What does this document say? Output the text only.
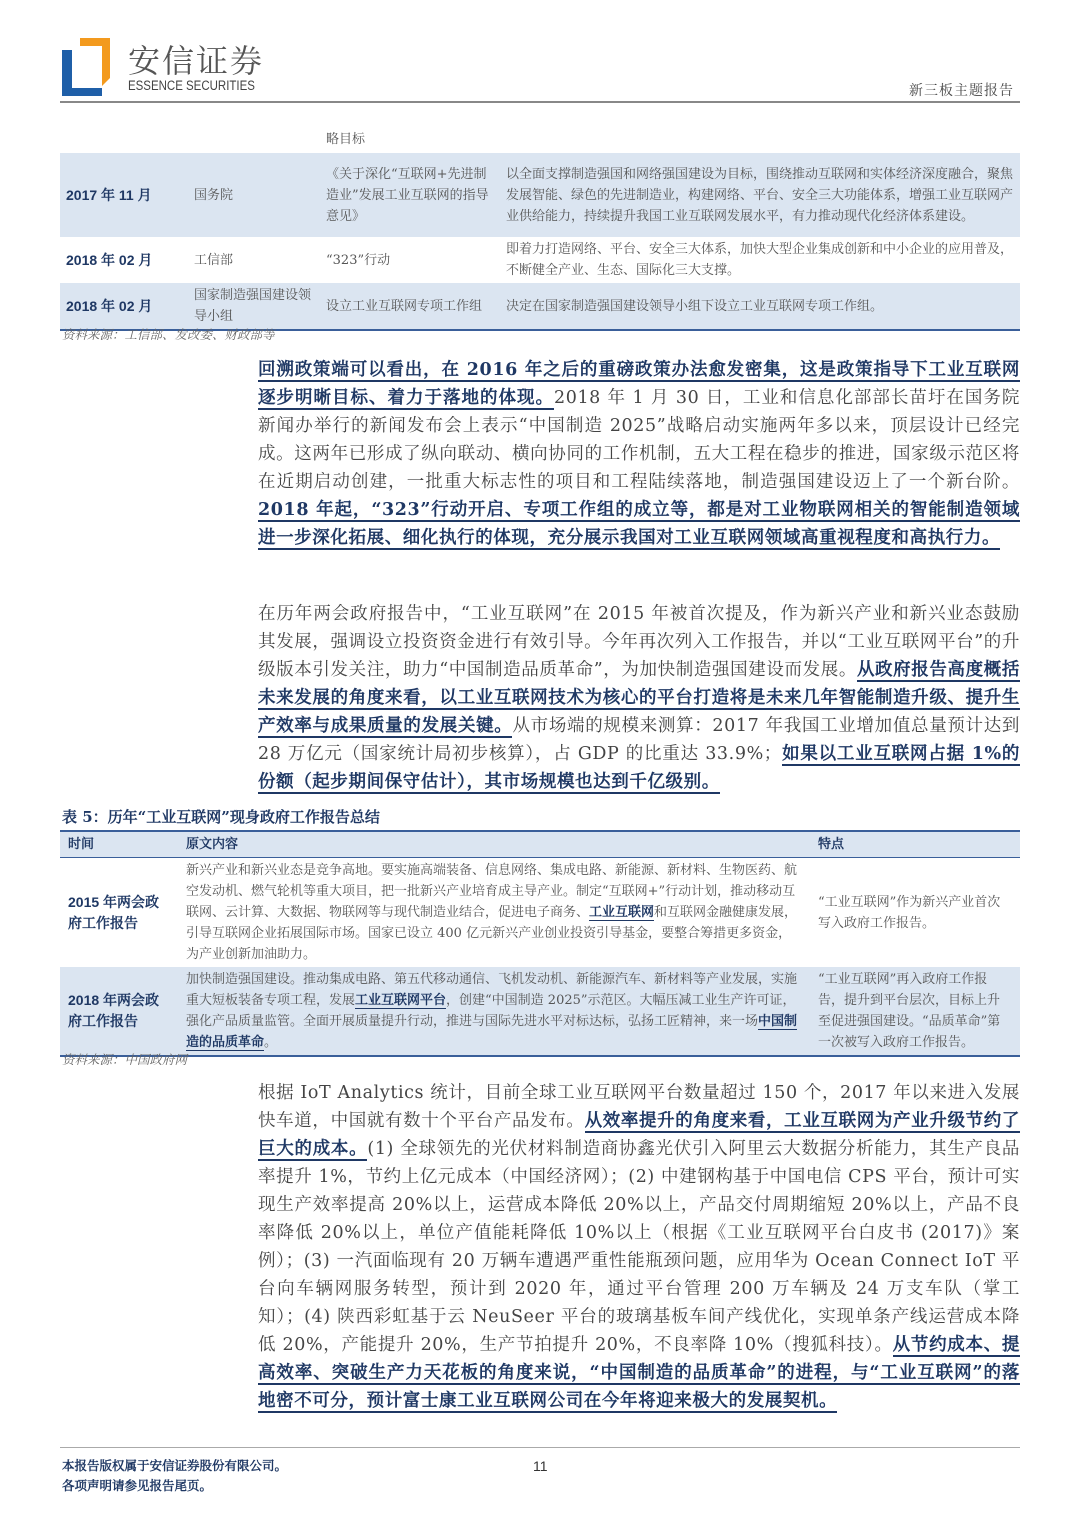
安信证券
ESSENCE SECURITIES	新三板主题报告
		略目标	
2017 年 11 月	国务院	《关于深化“互联网+先进制造业”发展工业互联网的指导意见》	以全面支撑制造强国和网络强国建设为目标，围绕推动互联网和实体经济深度融合，聚焦发展智能、绿色的先进制造业，构建网络、平台、安全三大功能体系，增强工业互联网产业供给能力，持续提升我国工业互联网发展水平，有力推动现代化经济体系建设。
2018 年 02 月	工信部	“323”行动	即着力打造网络、平台、安全三大体系，加快大型企业集成创新和中小企业的应用普及，不断健全产业、生态、国际化三大支撑。
2018 年 02 月	国家制造强国建设领导小组	设立工业互联网专项工作组	决定在国家制造强国建设领导小组下设立工业互联网专项工作组。
资料来源：工信部、发改委、财政部等
回溯政策端可以看出，在 2016 年之后的重磅政策办法愈发密集，这是政策指导下工业互联网逐步明晰目标、着力于落地的体现。2018 年 1 月 30 日，工业和信息化部部长苗圩在国务院新闻办举行的新闻发布会上表示“中国制造 2025”战略启动实施两年多以来，顶层设计已经完成。这两年已形成了纵向联动、横向协同的工作机制，五大工程在稳步的推进，国家级示范区将在近期启动创建，一批重大标志性的项目和工程陆续落地，制造强国建设迈上了一个新台阶。2018 年起，“323”行动开启、专项工作组的成立等，都是对工业物联网相关的智能制造领域进一步深化拓展、细化执行的体现，充分展示我国对工业互联网领域高重视程度和高执行力。
在历年两会政府报告中，“工业互联网”在 2015 年被首次提及，作为新兴产业和新兴业态鼓励其发展，强调设立投资资金进行有效引导。今年再次列入工作报告，并以“工业互联网平台”的升级版本引发关注，助力“中国制造品质革命”，为加快制造强国建设而发展。从政府报告高度概括未来发展的角度来看，以工业互联网技术为核心的平台打造将是未来几年智能制造升级、提升生产效率与成果质量的发展关键。从市场端的规模来测算：2017 年我国工业增加值总量预计达到 28 万亿元（国家统计局初步核算），占 GDP 的比重达 33.9%；如果以工业互联网占据 1%的份额（起步期间保守估计），其市场规模也达到千亿级别。
表 5：历年“工业互联网”现身政府工作报告总结
时间	原文内容	特点
2015 年两会政府工作报告	新兴产业和新兴业态是竞争高地。要实施高端装备、信息网络、集成电路、新能源、新材料、生物医药、航空发动机、燃气轮机等重大项目，把一批新兴产业培育成主导产业。制定“互联网+”行动计划，推动移动互联网、云计算、大数据、物联网等与现代制造业结合，促进电子商务、工业互联网和互联网金融健康发展，引导互联网企业拓展国际市场。国家已设立 400 亿元新兴产业创业投资引导基金，要整合筹措更多资金，为产业创新加油助力。	“工业互联网”作为新兴产业首次写入政府工作报告。
2018 年两会政府工作报告	加快制造强国建设。推动集成电路、第五代移动通信、飞机发动机、新能源汽车、新材料等产业发展，实施重大短板装备专项工程，发展工业互联网平台，创建“中国制造 2025”示范区。大幅压减工业生产许可证，强化产品质量监管。全面开展质量提升行动，推进与国际先进水平对标达标，弘扬工匠精神，来一场中国制造的品质革命。	“工业互联网”再入政府工作报告，提升到平台层次，目标上升至促进强国建设。“品质革命”第一次被写入政府工作报告。
资料来源：中国政府网
根据 IoT Analytics 统计，目前全球工业互联网平台数量超过 150 个，2017 年以来进入发展快车道，中国就有数十个平台产品发布。从效率提升的角度来看，工业互联网为产业升级节约了巨大的成本。(1) 全球领先的光伏材料制造商协鑫光伏引入阿里云大数据分析能力，其生产良品率提升 1%，节约上亿元成本（中国经济网）；(2) 中建钢构基于中国电信 CPS 平台，预计可实现生产效率提高 20%以上，运营成本降低 20%以上，产品交付周期缩短 20%以上，产品不良率降低 20%以上，单位产值能耗降低 10%以上（根据《工业互联网平台白皮书 (2017)》案例）；(3) 一汽面临现有 20 万辆车遭遇严重性能瓶颈问题，应用华为 Ocean Connect IoT 平台向车辆网服务转型，预计到 2020 年，通过平台管理 200 万车辆及 24 万支车队（掌工知）；(4) 陕西彩虹基于云 NeuSeer 平台的玻璃基板车间产线优化，实现单条产线运营成本降低 20%，产能提升 20%，生产节拍提升 20%，不良率降 10%（搜狐科技）。从节约成本、提高效率、突破生产力天花板的角度来说，“中国制造的品质革命”的进程，与“工业互联网”的落地密不可分，预计富士康工业互联网公司在今年将迎来极大的发展契机。
本报告版权属于安信证券股份有限公司。
各项声明请参见报告尾页。
11
